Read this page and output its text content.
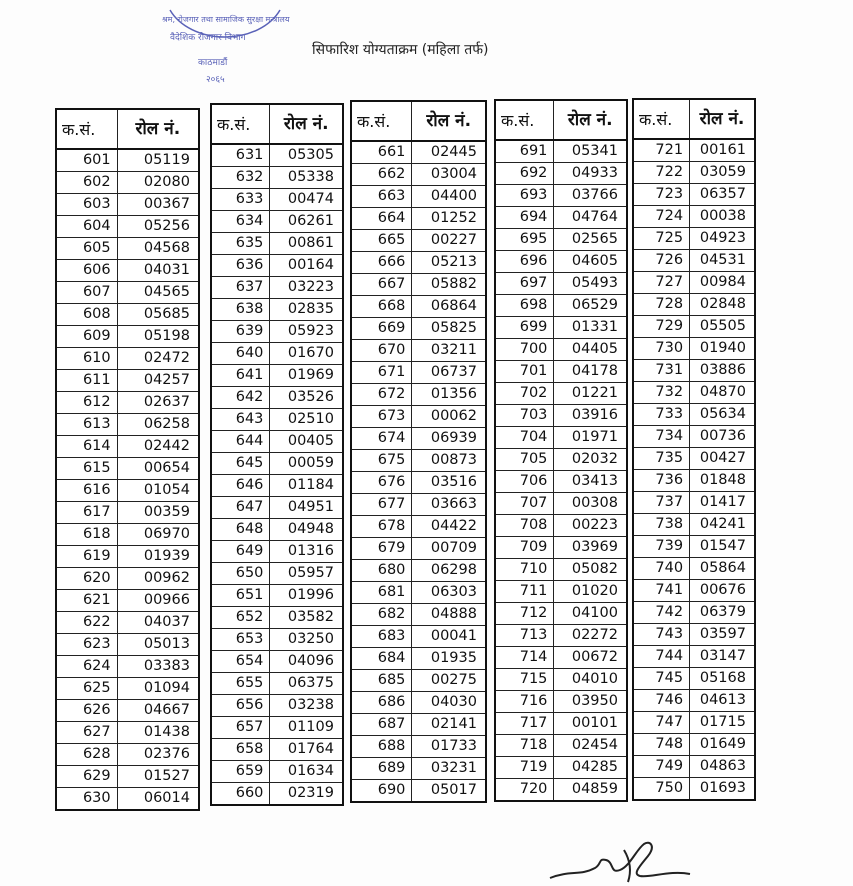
श्रम, रोजगार तथा सामाजिक सुरक्षा मन्त्रालय
वैदेशिक रोजगार विभाग
काठमाडौं
२०६५
सिफारिश योग्यताक्रम (महिला तर्फ)
क.सं.	रोल नं.
601	05119
602	02080
603	00367
604	05256
605	04568
606	04031
607	04565
608	05685
609	05198
610	02472
611	04257
612	02637
613	06258
614	02442
615	00654
616	01054
617	00359
618	06970
619	01939
620	00962
621	00966
622	04037
623	05013
624	03383
625	01094
626	04667
627	01438
628	02376
629	01527
630	06014
क.सं.	रोल नं.
631	05305
632	05338
633	00474
634	06261
635	00861
636	00164
637	03223
638	02835
639	05923
640	01670
641	01969
642	03526
643	02510
644	00405
645	00059
646	01184
647	04951
648	04948
649	01316
650	05957
651	01996
652	03582
653	03250
654	04096
655	06375
656	03238
657	01109
658	01764
659	01634
660	02319
क.सं.	रोल नं.
661	02445
662	03004
663	04400
664	01252
665	00227
666	05213
667	05882
668	06864
669	05825
670	03211
671	06737
672	01356
673	00062
674	06939
675	00873
676	03516
677	03663
678	04422
679	00709
680	06298
681	06303
682	04888
683	00041
684	01935
685	00275
686	04030
687	02141
688	01733
689	03231
690	05017
क.सं.	रोल नं.
691	05341
692	04933
693	03766
694	04764
695	02565
696	04605
697	05493
698	06529
699	01331
700	04405
701	04178
702	01221
703	03916
704	01971
705	02032
706	03413
707	00308
708	00223
709	03969
710	05082
711	01020
712	04100
713	02272
714	00672
715	04010
716	03950
717	00101
718	02454
719	04285
720	04859
क.सं.	रोल नं.
721	00161
722	03059
723	06357
724	00038
725	04923
726	04531
727	00984
728	02848
729	05505
730	01940
731	03886
732	04870
733	05634
734	00736
735	00427
736	01848
737	01417
738	04241
739	01547
740	05864
741	00676
742	06379
743	03597
744	03147
745	05168
746	04613
747	01715
748	01649
749	04863
750	01693
